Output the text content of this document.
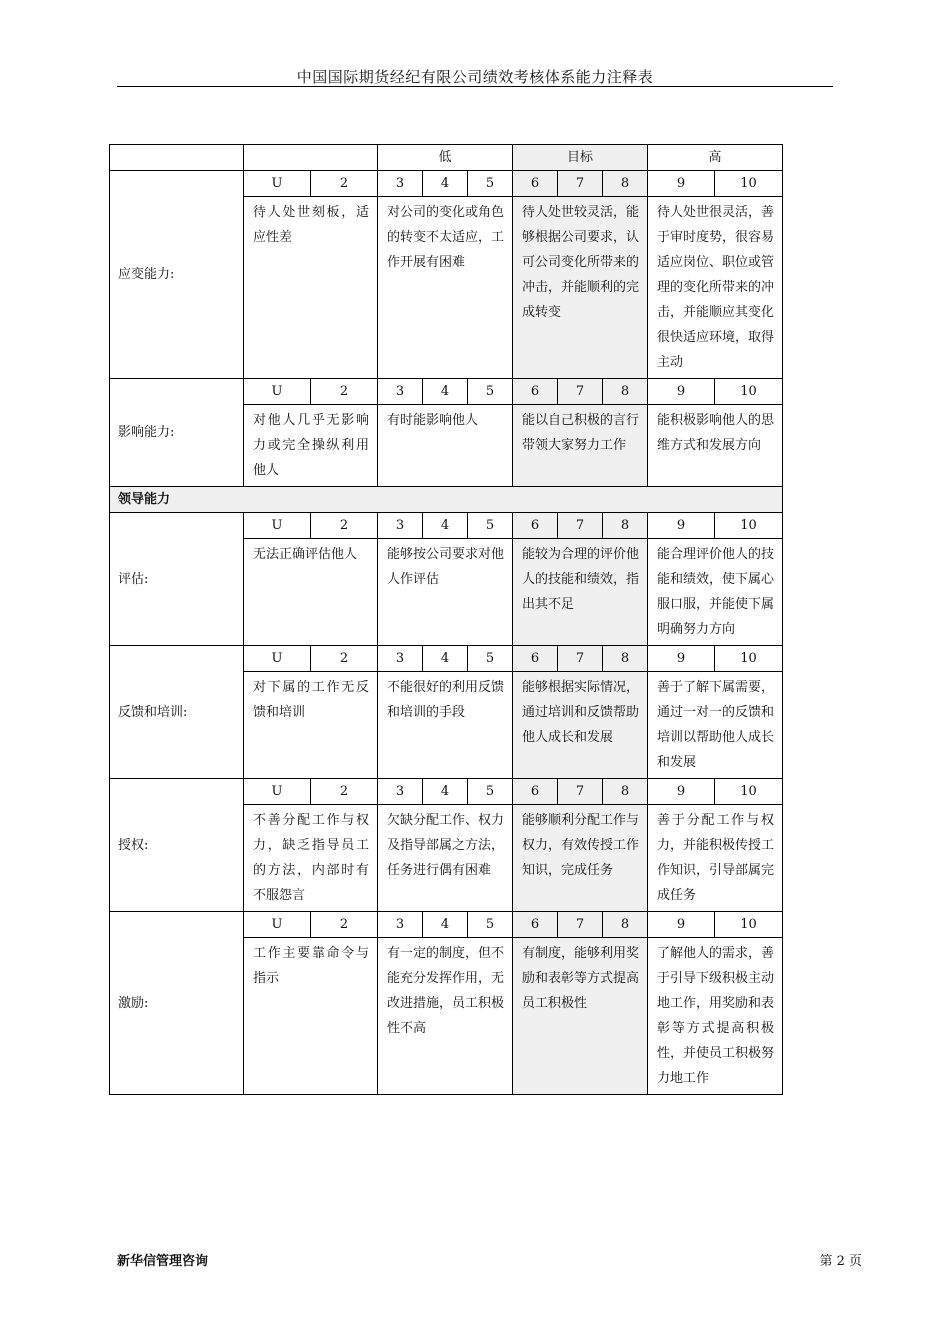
中国国际期货经纪有限公司绩效考核体系能力注释表
			低			目标			高	
应变能力:	U	2	3	4	5	6	7	8	9	10
	待人处世刻板，适应性差		对公司的变化或角色的转变不太适应，工作开展有困难			待人处世较灵活，能够根据公司要求，认可公司变化所带来的冲击，并能顺利的完成转变			待人处世很灵活，善于审时度势，很容易适应岗位、职位或管理的变化所带来的冲击，并能顺应其变化很快适应环境，取得主动	
影响能力:	U	2	3	4	5	6	7	8	9	10
	对他人几乎无影响力或完全操纵利用他人		有时能影响他人			能以自己积极的言行带领大家努力工作			能积极影响他人的思维方式和发展方向	
领导能力										
评估:	U	2	3	4	5	6	7	8	9	10
	无法正确评估他人		能够按公司要求对他人作评估			能较为合理的评价他人的技能和绩效，指出其不足			能合理评价他人的技能和绩效，使下属心服口服，并能使下属明确努力方向	
反馈和培训:	U	2	3	4	5	6	7	8	9	10
	对下属的工作无反馈和培训		不能很好的利用反馈和培训的手段			能够根据实际情况，通过培训和反馈帮助他人成长和发展			善于了解下属需要，通过一对一的反馈和培训以帮助他人成长和发展	
授权:	U	2	3	4	5	6	7	8	9	10
	不善分配工作与权力，缺乏指导员工的方法，内部时有不服怨言		欠缺分配工作、权力及指导部属之方法，任务进行偶有困难			能够顺利分配工作与权力，有效传授工作知识，完成任务			善于分配工作与权力，并能积极传授工作知识，引导部属完成任务	
激励:	U	2	3	4	5	6	7	8	9	10
	工作主要靠命令与指示		有一定的制度，但不能充分发挥作用，无改进措施，员工积极性不高			有制度，能够利用奖励和表彰等方式提高员工积极性			了解他人的需求，善于引导下级积极主动地工作，用奖励和表彰等方式提高积极性，并使员工积极努力地工作	
新华信管理咨询	第 2 页
